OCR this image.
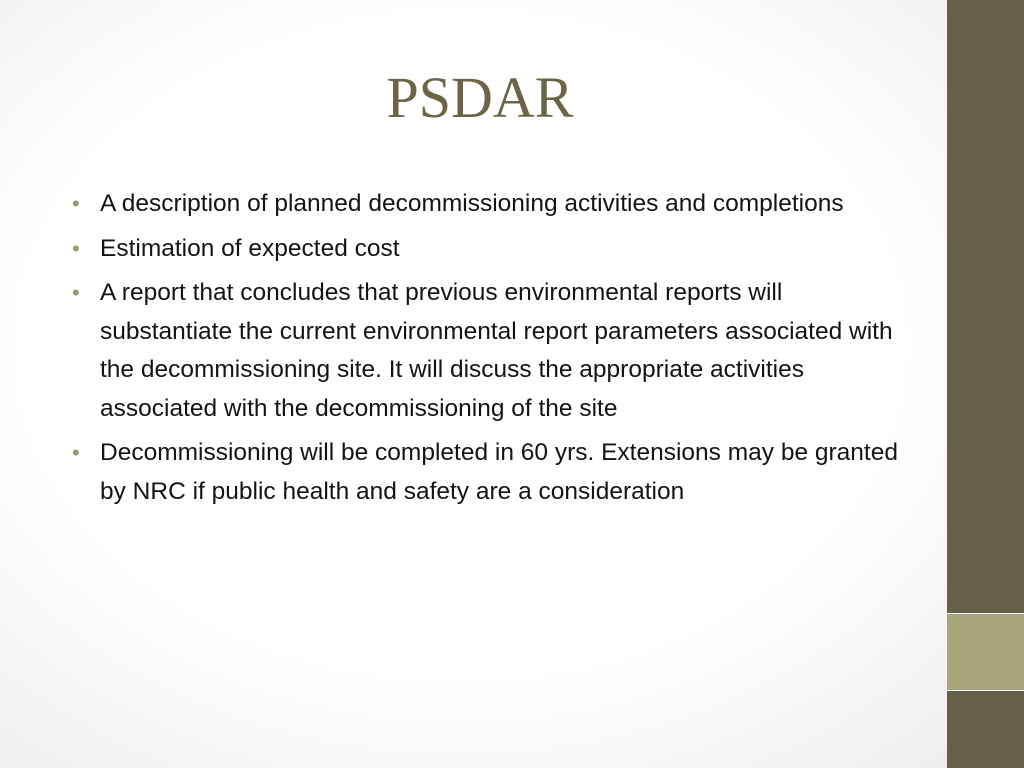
PSDAR
• A description of planned decommissioning activities and completions
• Estimation of expected cost
• A report that concludes that previous environmental reports will substantiate the current environmental report parameters associated with the decommissioning site. It will discuss the appropriate activities associated with the decommissioning of the site
• Decommissioning will be completed in 60 yrs. Extensions may be granted by NRC if public health and safety are a consideration
